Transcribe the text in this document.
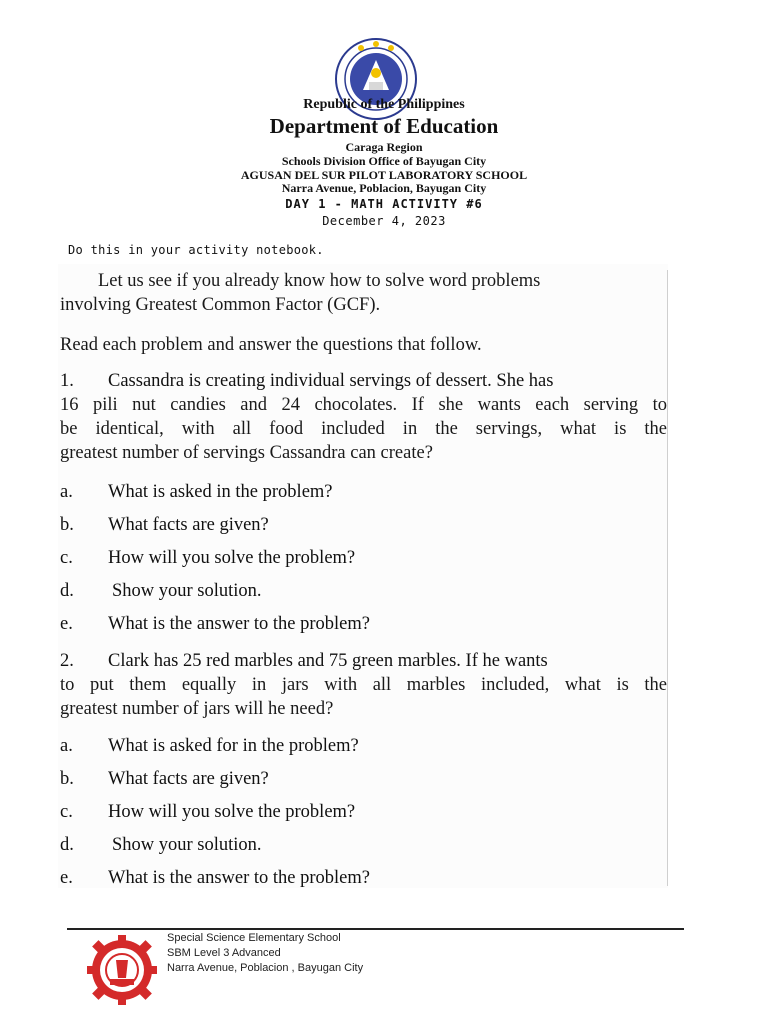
Republic of the Philippines
Department of Education
Caraga Region
Schools Division Office of Bayugan City
AGUSAN DEL SUR PILOT LABORATORY SCHOOL
Narra Avenue, Poblacion, Bayugan City
DAY 1 - MATH ACTIVITY #6
December 4, 2023
Do this in your activity notebook.
Let us see if you already know how to solve word problems
involving Greatest Common Factor (GCF).
Read each problem and answer the questions that follow.
1. Cassandra is creating individual servings of dessert. She has
16 pili nut candies and 24 chocolates. If she wants each serving to
be identical, with all food included in the servings, what is the
greatest number of servings Cassandra can create?
a. What is asked in the problem?
b. What facts are given?
c. How will you solve the problem?
d. Show your solution.
e. What is the answer to the problem?
2. Clark has 25 red marbles and 75 green marbles. If he wants
to put them equally in jars with all marbles included, what is the
greatest number of jars will he need?
a. What is asked for in the problem?
b. What facts are given?
c. How will you solve the problem?
d. Show your solution.
e. What is the answer to the problem?
Special Science Elementary School
SBM Level 3 Advanced
Narra Avenue, Poblacion , Bayugan City
